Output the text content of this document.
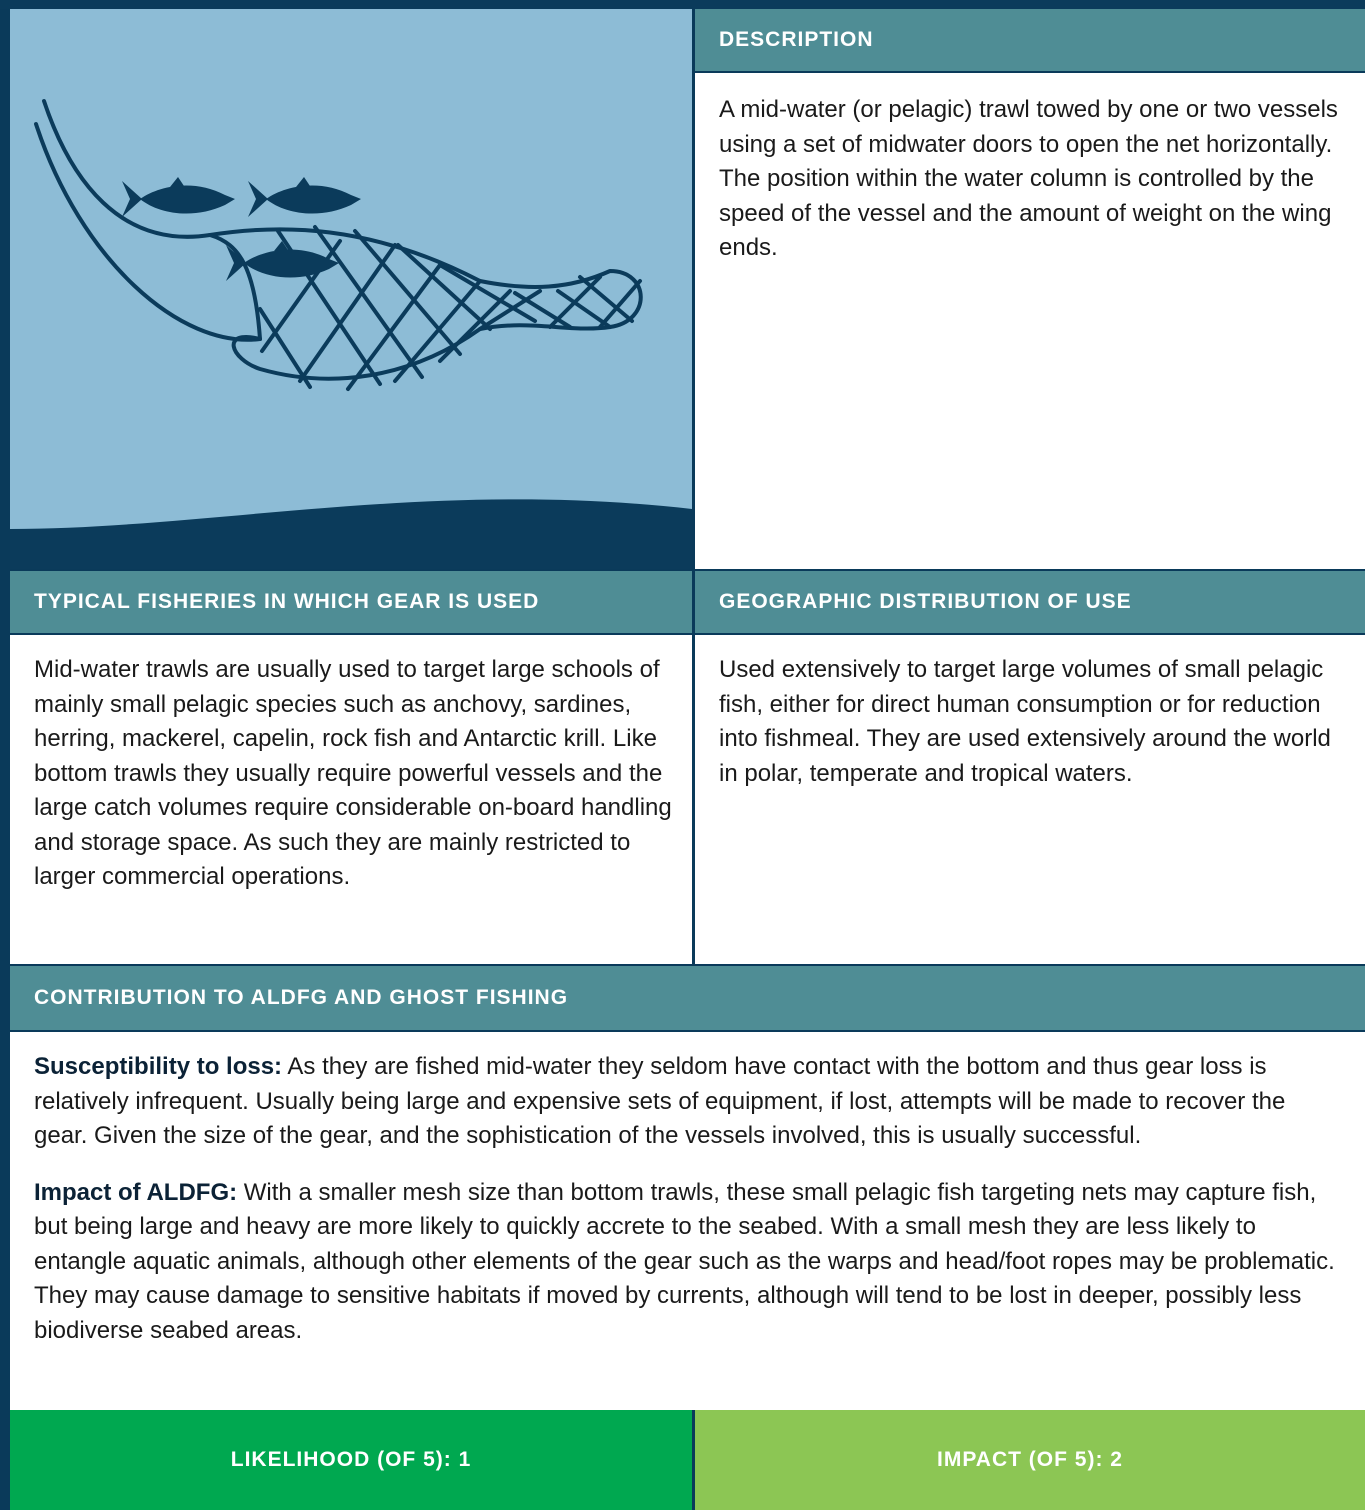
DESCRIPTION
A mid-water (or pelagic) trawl towed by one or two vessels using a set of midwater doors to open the net horizontally. The position within the water column is controlled by the speed of the vessel and the amount of weight on the wing ends.
TYPICAL FISHERIES IN WHICH GEAR IS USED	GEOGRAPHIC DISTRIBUTION OF USE
Mid-water trawls are usually used to target large schools of mainly small pelagic species such as anchovy, sardines, herring, mackerel, capelin, rock fish and Antarctic krill. Like bottom trawls they usually require powerful vessels and the large catch volumes require considerable on-board handling and storage space. As such they are mainly restricted to larger commercial operations.
Used extensively to target large volumes of small pelagic fish, either for direct human consumption or for reduction into fishmeal. They are used extensively around the world in polar, temperate and tropical waters.
CONTRIBUTION TO ALDFG AND GHOST FISHING

Susceptibility to loss: As they are fished mid-water they seldom have contact with the bottom and thus gear loss is relatively infrequent. Usually being large and expensive sets of equipment, if lost, attempts will be made to recover the gear. Given the size of the gear, and the sophistication of the vessels involved, this is usually successful.

Impact of ALDFG: With a smaller mesh size than bottom trawls, these small pelagic fish targeting nets may capture fish, but being large and heavy are more likely to quickly accrete to the seabed. With a small mesh they are less likely to entangle aquatic animals, although other elements of the gear such as the warps and head/foot ropes may be problematic. They may cause damage to sensitive habitats if moved by currents, although will tend to be lost in deeper, possibly less biodiverse seabed areas.

LIKELIHOOD (OF 5): 1	IMPACT (OF 5): 2
